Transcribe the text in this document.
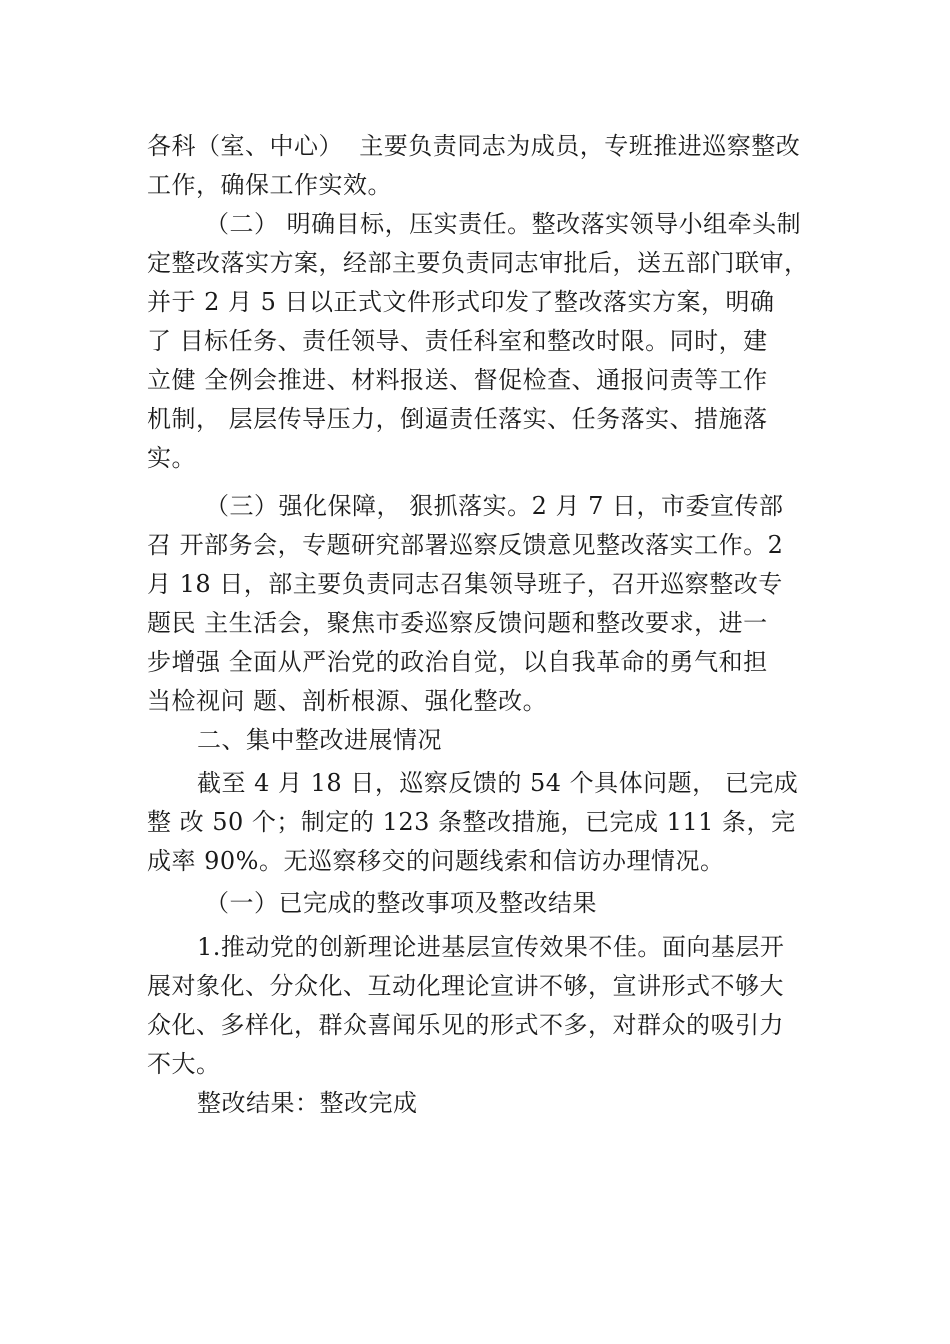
各科（室、中心）  主要负责同志为成员，专班推进巡察整改
工作，确保工作实效。
（二） 明确目标，压实责任。整改落实领导小组牵头制
定整改落实方案，经部主要负责同志审批后，送五部门联审，
并于 2 月 5 日以正式文件形式印发了整改落实方案，明确
了 目标任务、责任领导、责任科室和整改时限。同时，建
立健 全例会推进、材料报送、督促检查、通报问责等工作
机制， 层层传导压力，倒逼责任落实、任务落实、措施落
实。
（三）强化保障， 狠抓落实。2 月 7 日，市委宣传部
召 开部务会，专题研究部署巡察反馈意见整改落实工作。2
月 18 日，部主要负责同志召集领导班子，召开巡察整改专
题民 主生活会，聚焦市委巡察反馈问题和整改要求，进一
步增强 全面从严治党的政治自觉，以自我革命的勇气和担
当检视问 题、剖析根源、强化整改。
二、集中整改进展情况
截至 4 月 18 日，巡察反馈的 54 个具体问题， 已完成
整 改 50 个；制定的 123 条整改措施，已完成 111 条，完
成率 90%。无巡察移交的问题线索和信访办理情况。
（一）已完成的整改事项及整改结果
1.推动党的创新理论进基层宣传效果不佳。面向基层开
展对象化、分众化、互动化理论宣讲不够，宣讲形式不够大
众化、多样化，群众喜闻乐见的形式不多，对群众的吸引力
不大。
整改结果：整改完成
